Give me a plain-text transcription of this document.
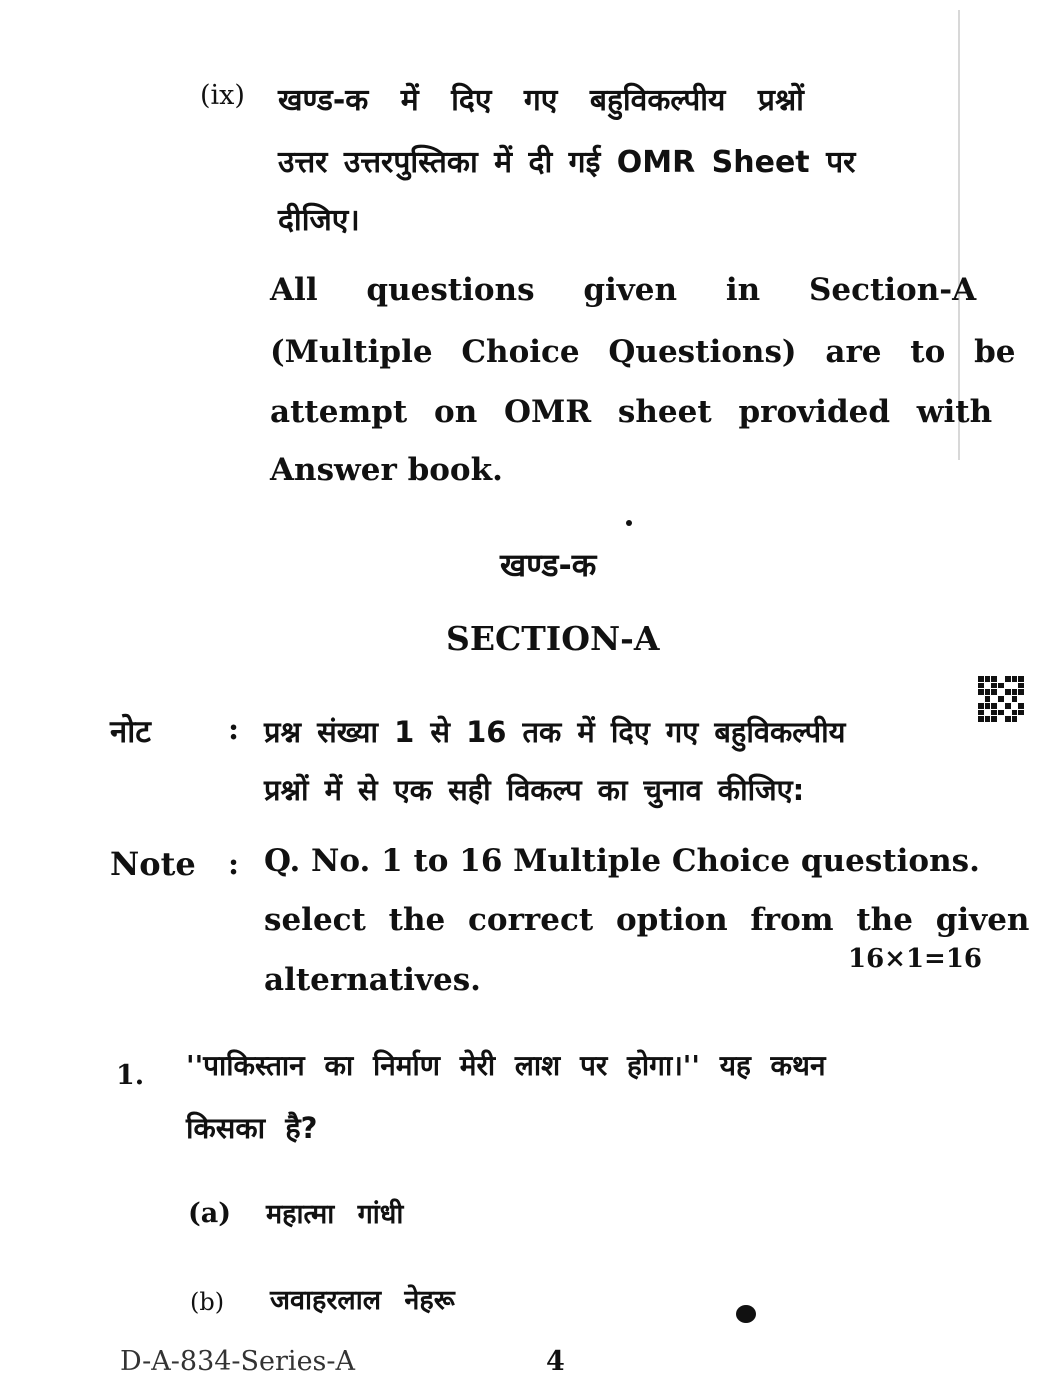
(ix) खण्ड-क में दिए गए बहुविकल्पीय प्रश्नों
उत्तर उत्तरपुस्तिका में दी गई OMR Sheet पर
दीजिए।
All questions given in Section-A
(Multiple Choice Questions) are to be
attempt on OMR sheet provided with
Answer book.
खण्ड-क
SECTION-A
नोट	: प्रश्न संख्या 1 से 16 तक में दिए गए बहुविकल्पीय
प्रश्नों में से एक सही विकल्प का चुनाव कीजिए:
Note : Q. No. 1 to 16 Multiple Choice questions.
select the correct option from the given
alternatives.
16×1=16
1. ''पाकिस्तान का निर्माण मेरी लाश पर होगा।'' यह कथन
किसका है?
(a) महात्मा गांधी
(b) जवाहरलाल नेहरू
D-A-834-Series-A	4
